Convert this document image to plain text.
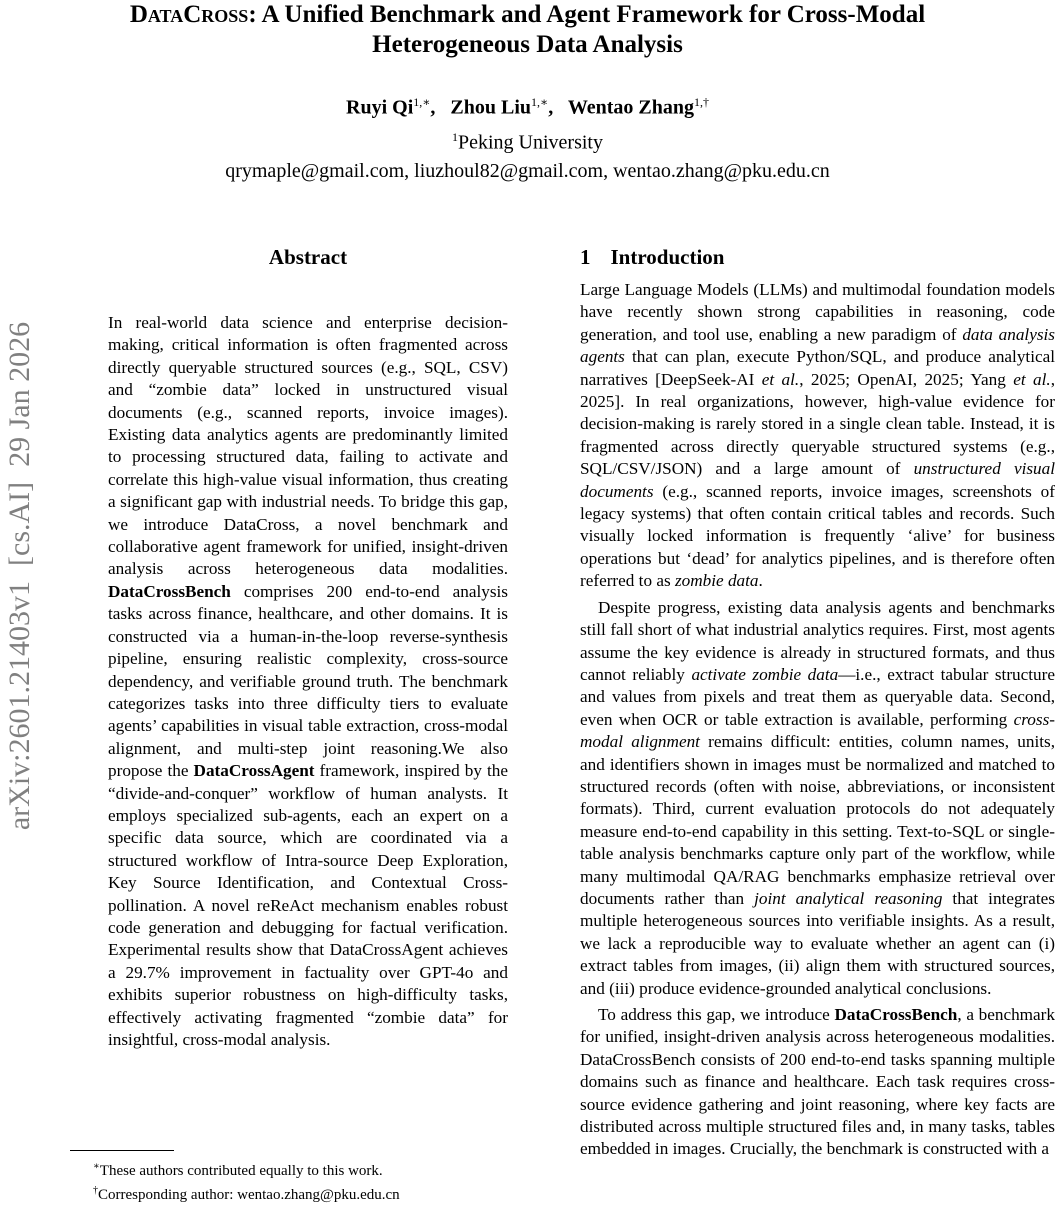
DataCross: A Unified Benchmark and Agent Framework for Cross-Modal
Heterogeneous Data Analysis
Ruyi $Qi^{1,∗}$,   Zhou Liu$^{1,∗}$,   Wentao Zhang$^{1,\dagger}$
$^1$Peking University
qrymaple@gmail.com, liuzhoul82@gmail.com, wentao.zhang@pku.edu.cn
arXiv:2601.21403v1  [cs.AI]  29 Jan 2026
Abstract
In real-world data science and enterprise decision-making, critical information is often fragmented across directly queryable structured sources (e.g., SQL, CSV) and “zombie data” locked in unstructured visual documents (e.g., scanned reports, invoice images). Existing data analytics agents are predominantly limited to processing structured data, failing to activate and correlate this high-value visual information, thus creating a significant gap with industrial needs. To bridge this gap, we introduce DataCross, a novel benchmark and collaborative agent framework for unified, insight-driven analysis across heterogeneous data modalities. DataCrossBench comprises 200 end-to-end analysis tasks across finance, healthcare, and other domains. It is constructed via a human-in-the-loop reverse-synthesis pipeline, ensuring realistic complexity, cross-source dependency, and verifiable ground truth. The benchmark categorizes tasks into three difficulty tiers to evaluate agents’ capabilities in visual table extraction, cross-modal alignment, and multi-step joint reasoning.We also propose the DataCrossAgent framework, inspired by the “divide-and-conquer” workflow of human analysts. It employs specialized sub-agents, each an expert on a specific data source, which are coordinated via a structured workflow of Intra-source Deep Exploration, Key Source Identification, and Contextual Cross-pollination. A novel reReAct mechanism enables robust code generation and debugging for factual verification. Experimental results show that DataCrossAgent achieves a 29.7% improvement in factuality over GPT-4o and exhibits superior robustness on high-difficulty tasks, effectively activating fragmented “zombie data” for insightful, cross-modal analysis.
1 Introduction

Large Language Models (LLMs) and multimodal foundation models have recently shown strong capabilities in reasoning, code generation, and tool use, enabling a new paradigm of data analysis agents that can plan, execute Python/SQL, and produce analytical narratives [DeepSeek-AI et al., 2025; OpenAI, 2025; Yang et al., 2025]. In real organizations, however, high-value evidence for decision-making is rarely stored in a single clean table. Instead, it is fragmented across directly queryable structured systems (e.g., SQL/CSV/JSON) and a large amount of unstructured visual documents (e.g., scanned reports, invoice images, screenshots of legacy systems) that often contain critical tables and records. Such visually locked information is frequently ‘alive’ for business operations but ‘dead’ for analytics pipelines, and is therefore often referred to as zombie data.

Despite progress, existing data analysis agents and benchmarks still fall short of what industrial analytics requires. First, most agents assume the key evidence is already in structured formats, and thus cannot reliably activate zombie data—i.e., extract tabular structure and values from pixels and treat them as queryable data. Second, even when OCR or table extraction is available, performing cross-modal alignment remains difficult: entities, column names, units, and identifiers shown in images must be normalized and matched to structured records (often with noise, abbreviations, or inconsistent formats). Third, current evaluation protocols do not adequately measure end-to-end capability in this setting. Text-to-SQL or single-table analysis benchmarks capture only part of the workflow, while many multimodal QA/RAG benchmarks emphasize retrieval over documents rather than joint analytical reasoning that integrates multiple heterogeneous sources into verifiable insights. As a result, we lack a reproducible way to evaluate whether an agent can (i) extract tables from images, (ii) align them with structured sources, and (iii) produce evidence-grounded analytical conclusions.

To address this gap, we introduce DataCrossBench, a benchmark for unified, insight-driven analysis across heterogeneous modalities. DataCrossBench consists of 200 end-to-end tasks spanning multiple domains such as finance and healthcare. Each task requires cross-source evidence gathering and joint reasoning, where key facts are distributed across multiple structured files and, in many tasks, tables embedded in images. Crucially, the benchmark is constructed with a

∗These authors contributed equally to this work.
†Corresponding author: wentao.zhang@pku.edu.cn
